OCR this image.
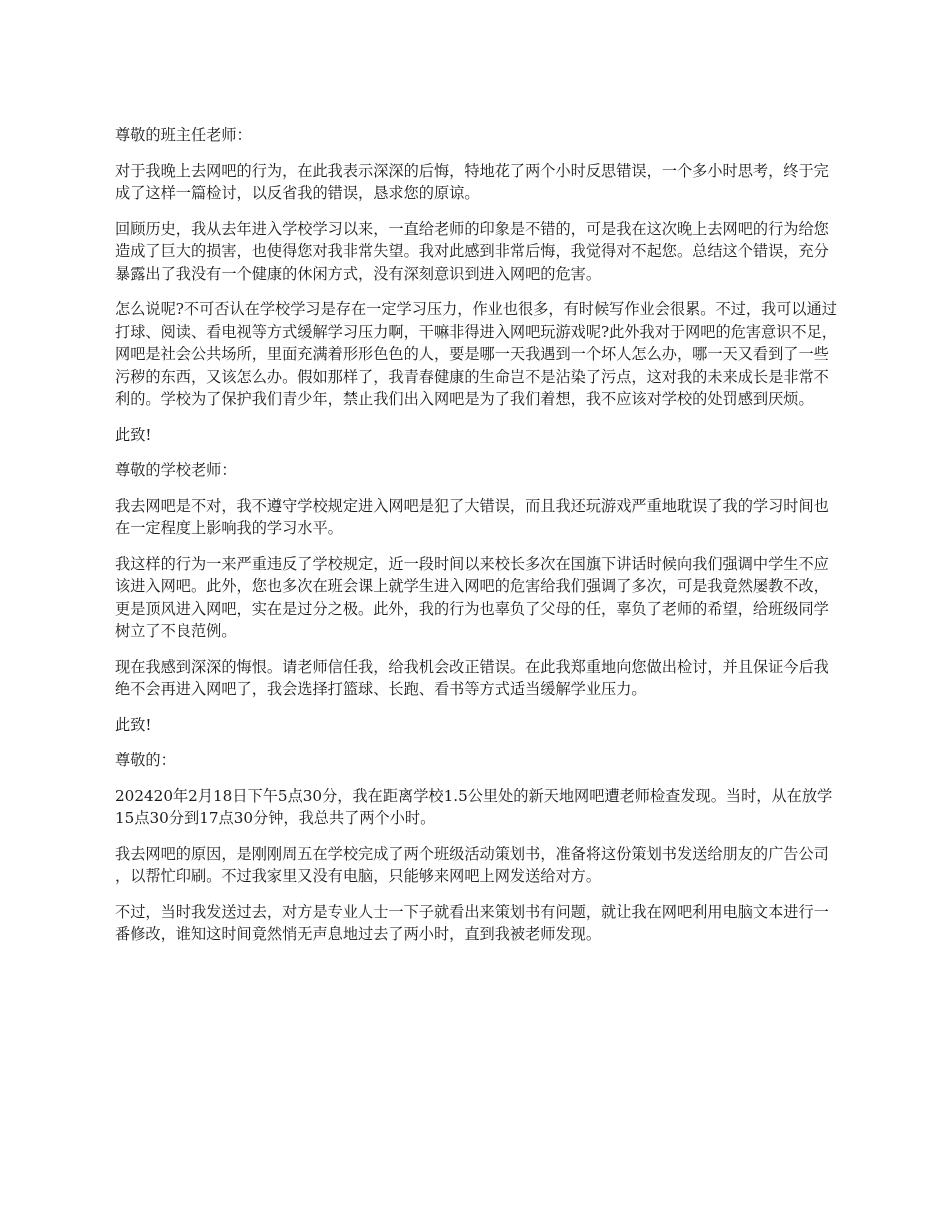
尊敬的班主任老师：

对于我晚上去网吧的行为，在此我表示深深的后悔，特地花了两个小时反思错误，一个多小时思考，终于完成了这样一篇检讨，以反省我的错误，恳求您的原谅。

回顾历史，我从去年进入学校学习以来，一直给老师的印象是不错的，可是我在这次晚上去网吧的行为给您造成了巨大的损害，也使得您对我非常失望。我对此感到非常后悔，我觉得对不起您。总结这个错误，充分暴露出了我没有一个健康的休闲方式，没有深刻意识到进入网吧的危害。

怎么说呢?不可否认在学校学习是存在一定学习压力，作业也很多，有时候写作业会很累。不过，我可以通过打球、阅读、看电视等方式缓解学习压力啊，干嘛非得进入网吧玩游戏呢?此外我对于网吧的危害意识不足，网吧是社会公共场所，里面充满着形形色色的人，要是哪一天我遇到一个坏人怎么办，哪一天又看到了一些污秽的东西，又该怎么办。假如那样了，我青春健康的生命岂不是沾染了污点，这对我的未来成长是非常不利的。学校为了保护我们青少年，禁止我们出入网吧是为了我们着想，我不应该对学校的处罚感到厌烦。

此致!

尊敬的学校老师：

我去网吧是不对，我不遵守学校规定进入网吧是犯了大错误，而且我还玩游戏严重地耽误了我的学习时间也在一定程度上影响我的学习水平。

我这样的行为一来严重违反了学校规定，近一段时间以来校长多次在国旗下讲话时候向我们强调中学生不应该进入网吧。此外，您也多次在班会课上就学生进入网吧的危害给我们强调了多次，可是我竟然屡教不改，更是顶风进入网吧，实在是过分之极。此外，我的行为也辜负了父母的任，辜负了老师的希望，给班级同学树立了不良范例。

现在我感到深深的悔恨。请老师信任我，给我机会改正错误。在此我郑重地向您做出检讨，并且保证今后我绝不会再进入网吧了，我会选择打篮球、长跑、看书等方式适当缓解学业压力。

此致!

尊敬的：

202420年2月18日下午5点30分，我在距离学校1.5公里处的新天地网吧遭老师检查发现。当时，从在放学15点30分到17点30分钟，我总共了两个小时。

我去网吧的原因，是刚刚周五在学校完成了两个班级活动策划书，准备将这份策划书发送给朋友的广告公司，以帮忙印刷。不过我家里又没有电脑，只能够来网吧上网发送给对方。

不过，当时我发送过去，对方是专业人士一下子就看出来策划书有问题，就让我在网吧利用电脑文本进行一番修改，谁知这时间竟然悄无声息地过去了两小时，直到我被老师发现。
